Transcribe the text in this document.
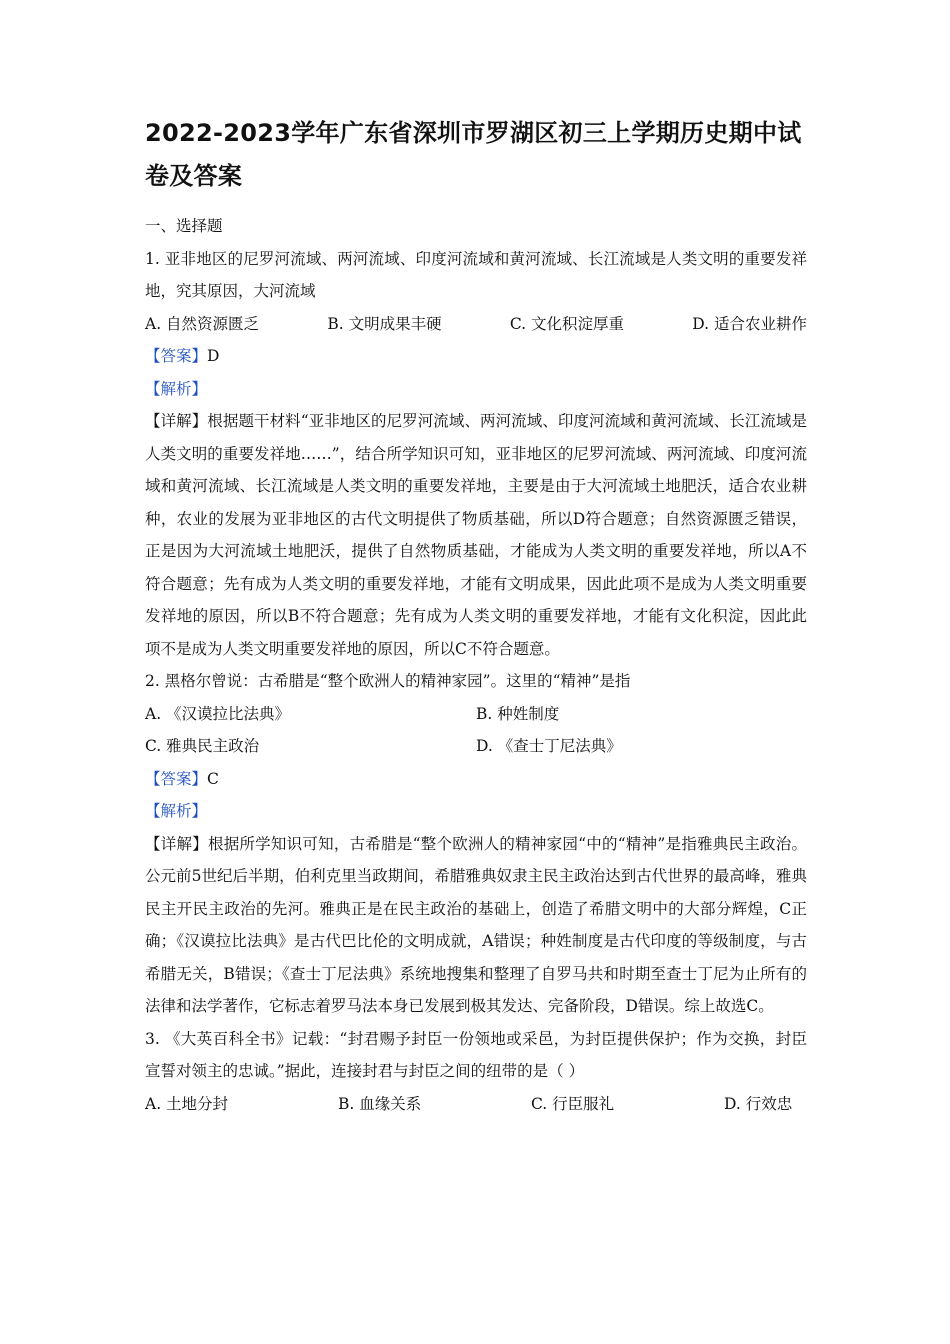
2022-2023学年广东省深圳市罗湖区初三上学期历史期中试卷及答案
一、选择题
1. 亚非地区的尼罗河流域、两河流域、印度河流域和黄河流域、长江流域是人类文明的重要发祥地，究其原因，大河流域
A. 自然资源匮乏	B. 文明成果丰硬	C. 文化积淀厚重	D. 适合农业耕作
【答案】D
【解析】
【详解】根据题干材料“亚非地区的尼罗河流域、两河流域、印度河流域和黄河流域、长江流域是人类文明的重要发祥地……”，结合所学知识可知，亚非地区的尼罗河流域、两河流域、印度河流域和黄河流域、长江流域是人类文明的重要发祥地，主要是由于大河流域土地肥沃，适合农业耕种，农业的发展为亚非地区的古代文明提供了物质基础，所以D符合题意；自然资源匮乏错误，正是因为大河流域土地肥沃，提供了自然物质基础，才能成为人类文明的重要发祥地，所以A不符合题意；先有成为人类文明的重要发祥地，才能有文明成果，因此此项不是成为人类文明重要发祥地的原因，所以B不符合题意；先有成为人类文明的重要发祥地，才能有文化积淀，因此此项不是成为人类文明重要发祥地的原因，所以C不符合题意。
2. 黑格尔曾说：古希腊是“整个欧洲人的精神家园”。这里的“精神”是指
A. 《汉谟拉比法典》	B. 种姓制度
C. 雅典民主政治	D. 《查士丁尼法典》
【答案】C
【解析】
【详解】根据所学知识可知，古希腊是“整个欧洲人的精神家园“中的“精神”是指雅典民主政治。公元前5世纪后半期，伯利克里当政期间，希腊雅典奴隶主民主政治达到古代世界的最高峰，雅典民主开民主政治的先河。雅典正是在民主政治的基础上，创造了希腊文明中的大部分辉煌，C正确；《汉谟拉比法典》是古代巴比伦的文明成就，A错误；种姓制度是古代印度的等级制度，与古希腊无关，B错误；《查士丁尼法典》系统地搜集和整理了自罗马共和时期至查士丁尼为止所有的法律和法学著作，它标志着罗马法本身已发展到极其发达、完备阶段，D错误。综上故选C。
3. 《大英百科全书》记载：“封君赐予封臣一份领地或采邑，为封臣提供保护；作为交换，封臣宣誓对领主的忠诚。”据此，连接封君与封臣之间的纽带的是（ ）
A. 土地分封	B. 血缘关系	C. 行臣服礼	D. 行效忠
